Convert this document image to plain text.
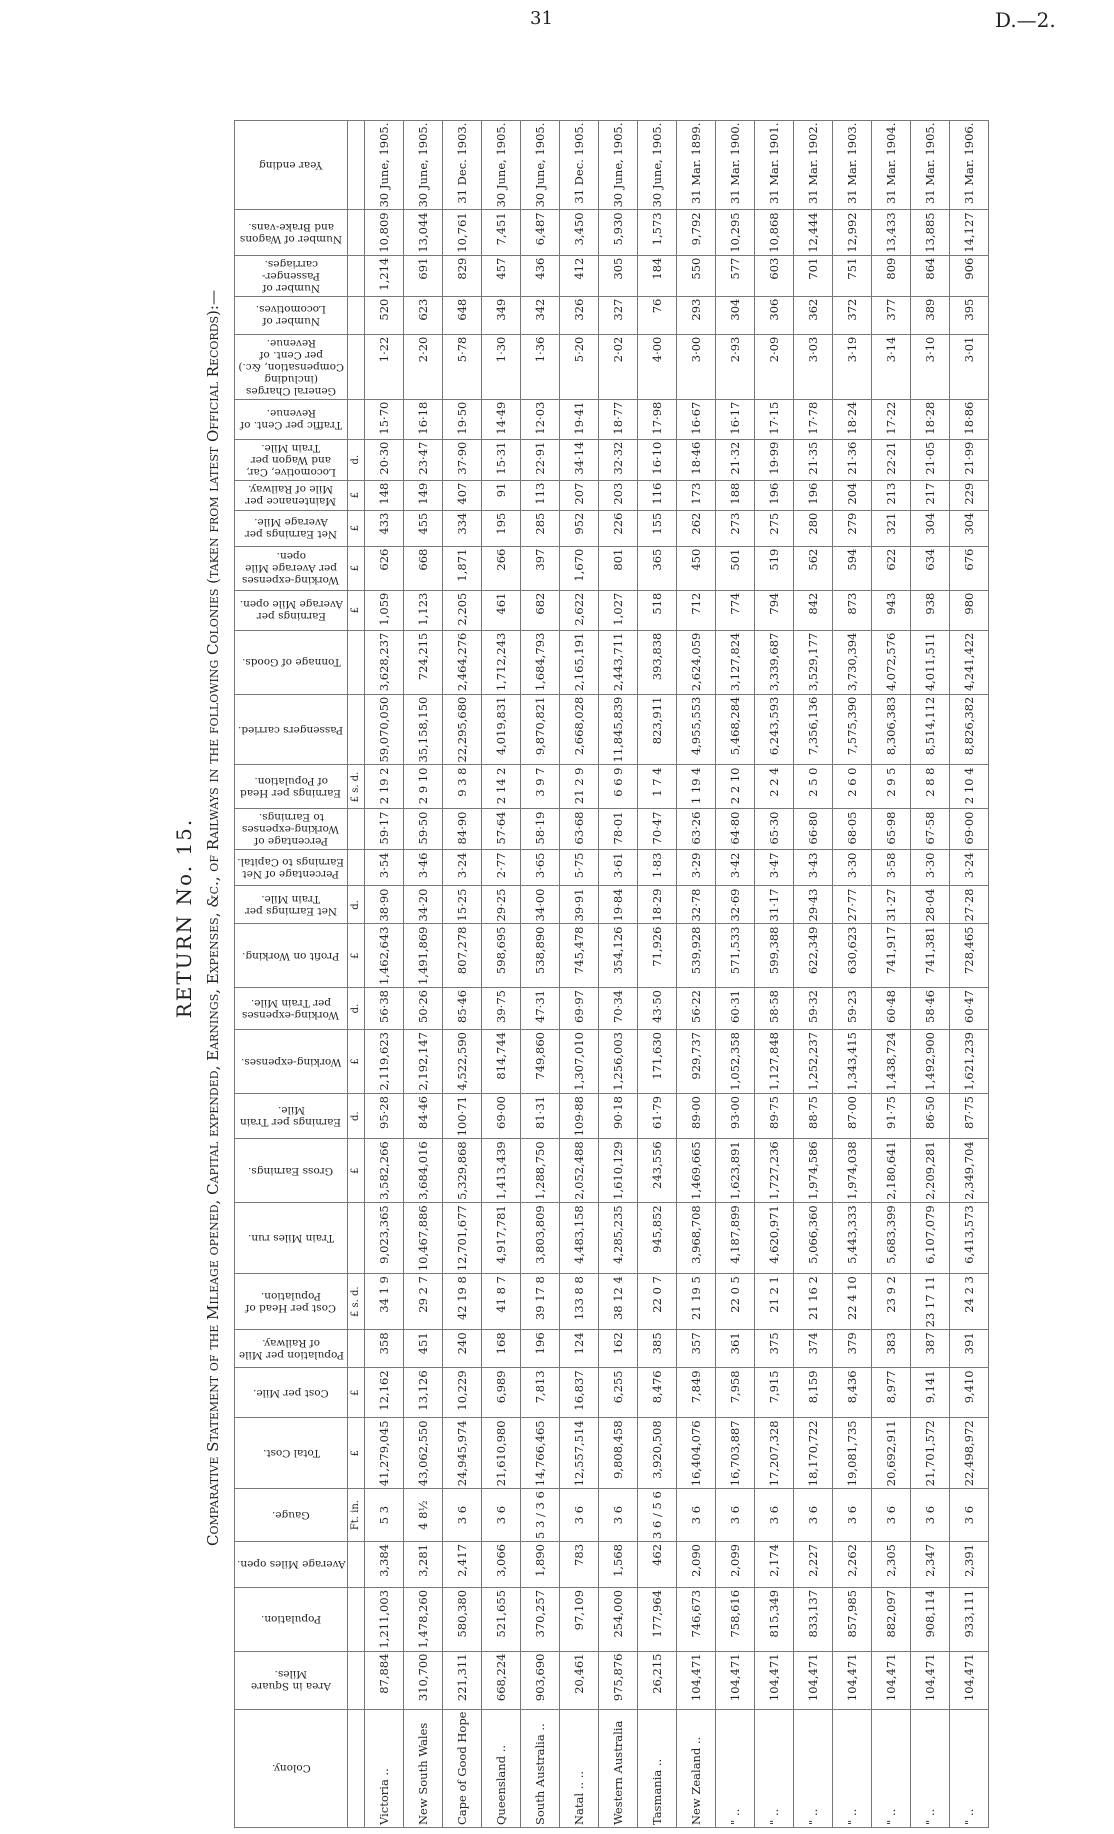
31	D.—2.
RETURN No. 15. Comparative Statement of the Mileage opened, Capital expended, Earnings, Expenses, &c., of Railways in the following Colonies (taken from latest Official Records):—
Colony.	Area in Square Miles.	Population.	Average Miles open.	Gauge.	Total Cost.	Cost per Mile.	Population per Mile of Railway.	Cost per Head of Population.	Train Miles run.	Gross Earnings.	Earnings per Train Mile.	Working-expenses.	Working-expenses per Train Mile.	Profit on Working.	Net Earnings per Train Mile.	Percentage of Net Earnings to Capital.	Percentage of Working-expenses to Earnings.	Earnings per Head of Population.	Passengers carried.	Tonnage of Goods.	Earnings per Average Mile open.	Working-expenses per Average Mile open.	Net Earnings per Average Mile.	Maintenance per Mile of Railway.	Locomotive, Car, and Wagon per Train Mile.	Traffic per Cent. of Revenue.	General Charges (including Compensation, &c.) per Cent. of Revenue.	Number of Locomotives.	Number of Passenger-carriages.	Number of Wagons and Brake-vans.	Year ending

				Ft. in.	£	£		£ s. d.		£	d.	£	d.	£	d.			£ s. d.			£	£	£	£	d.						
Victoria ..	87,884	1,211,003	3,384	5 3	41,279,045	12,162	358	34 1 9	9,023,365	3,582,266	95·28	2,119,623	56·38	1,462,643	38·90	3·54	59·17	2 19 2	59,070,050	3,628,237	1,059	626	433	148	20·30	15·70	1·22	520	1,214	10,809	30 June, 1905.
New South Wales	310,700	1,478,260	3,281	4 8½	43,062,550	13,126	451	29 2 7	10,467,886	3,684,016	84·46	2,192,147	50·26	1,491,869	34·20	3·46	59·50	2 9 10	35,158,150	724,215	1,123	668	455	149	23·47	16·18	2·20	623	691	13,044	30 June, 1905.
Cape of Good Hope	221,311	580,380	2,417	3 6	24,945,974	10,229	240	42 19 8	12,701,677	5,329,868	100·71	4,522,590	85·46	807,278	15·25	3·24	84·90	9 3 8	22,295,680	2,464,276	2,205	1,871	334	407	37·90	19·50	5·78	648	829	10,761	31 Dec. 1903.
Queensland ..	668,224	521,655	3,066	3 6	21,610,980	6,989	168	41 8 7	4,917,781	1,413,439	69·00	814,744	39·75	598,695	29·25	2·77	57·64	2 14 2	4,019,831	1,712,243	461	266	195	91	15·31	14·49	1·30	349	457	7,451	30 June, 1905.
South Australia ..	903,690	370,257	1,890	5 3 / 3 6	14,766,465	7,813	196	39 17 8	3,803,809	1,288,750	81·31	749,860	47·31	538,890	34·00	3·65	58·19	3 9 7	9,870,821	1,684,793	682	397	285	113	22·91	12·03	1·36	342	436	6,487	30 June, 1905.
Natal .. ..	20,461	97,109	783	3 6	12,557,514	16,837	124	133 8 8	4,483,158	2,052,488	109·88	1,307,010	69·97	745,478	39·91	5·75	63·68	21 2 9	2,668,028	2,165,191	2,622	1,670	952	207	34·14	19·41	5·20	326	412	3,450	31 Dec. 1905.
Western Australia	975,876	254,000	1,568	3 6	9,808,458	6,255	162	38 12 4	4,285,235	1,610,129	90·18	1,256,003	70·34	354,126	19·84	3·61	78·01	6 6 9	11,845,839	2,443,711	1,027	801	226	203	32·32	18·77	2·02	327	305	5,930	30 June, 1905.
Tasmania ..	26,215	177,964	462	3 6 / 5 6	3,920,508	8,476	385	22 0 7	945,852	243,556	61·79	171,630	43·50	71,926	18·29	1·83	70·47	1 7 4	823,911	393,838	518	365	155	116	16·10	17·98	4·00	76	184	1,573	30 June, 1905.
New Zealand ..	104,471	746,673	2,090	3 6	16,404,076	7,849	357	21 19 5	3,968,708	1,469,665	89·00	929,737	56·22	539,928	32·78	3·29	63·26	1 19 4	4,955,553	2,624,059	712	450	262	173	18·46	16·67	3·00	293	550	9,792	31 Mar. 1899.
" ..	104,471	758,616	2,099	3 6	16,703,887	7,958	361	22 0 5	4,187,899	1,623,891	93·00	1,052,358	60·31	571,533	32·69	3·42	64·80	2 2 10	5,468,284	3,127,824	774	501	273	188	21·32	16·17	2·93	304	577	10,295	31 Mar. 1900.
" ..	104,471	815,349	2,174	3 6	17,207,328	7,915	375	21 2 1	4,620,971	1,727,236	89·75	1,127,848	58·58	599,388	31·17	3·47	65·30	2 2 4	6,243,593	3,339,687	794	519	275	196	19·99	17·15	2·09	306	603	10,868	31 Mar. 1901.
" ..	104,471	833,137	2,227	3 6	18,170,722	8,159	374	21 16 2	5,066,360	1,974,586	88·75	1,252,237	59·32	622,349	29·43	3·43	66·80	2 5 0	7,356,136	3,529,177	842	562	280	196	21·35	17·78	3·03	362	701	12,444	31 Mar. 1902.
" ..	104,471	857,985	2,262	3 6	19,081,735	8,436	379	22 4 10	5,443,333	1,974,038	87·00	1,343,415	59·23	630,623	27·77	3·30	68·05	2 6 0	7,575,390	3,730,394	873	594	279	204	21·36	18·24	3·19	372	751	12,992	31 Mar. 1903.
" ..	104,471	882,097	2,305	3 6	20,692,911	8,977	383	23 9 2	5,683,399	2,180,641	91·75	1,438,724	60·48	741,917	31·27	3·58	65·98	2 9 5	8,306,383	4,072,576	943	622	321	213	22·21	17·22	3·14	377	809	13,433	31 Mar. 1904.
" ..	104,471	908,114	2,347	3 6	21,701,572	9,141	387	23 17 11	6,107,079	2,209,281	86·50	1,492,900	58·46	741,381	28·04	3·30	67·58	2 8 8	8,514,112	4,011,511	938	634	304	217	21·05	18·28	3·10	389	864	13,885	31 Mar. 1905.
" ..	104,471	933,111	2,391	3 6	22,498,972	9,410	391	24 2 3	6,413,573	2,349,704	87·75	1,621,239	60·47	728,465	27·28	3·24	69·00	2 10 4	8,826,382	4,241,422	980	676	304	229	21·99	18·86	3·01	395	906	14,127	31 Mar. 1906.
